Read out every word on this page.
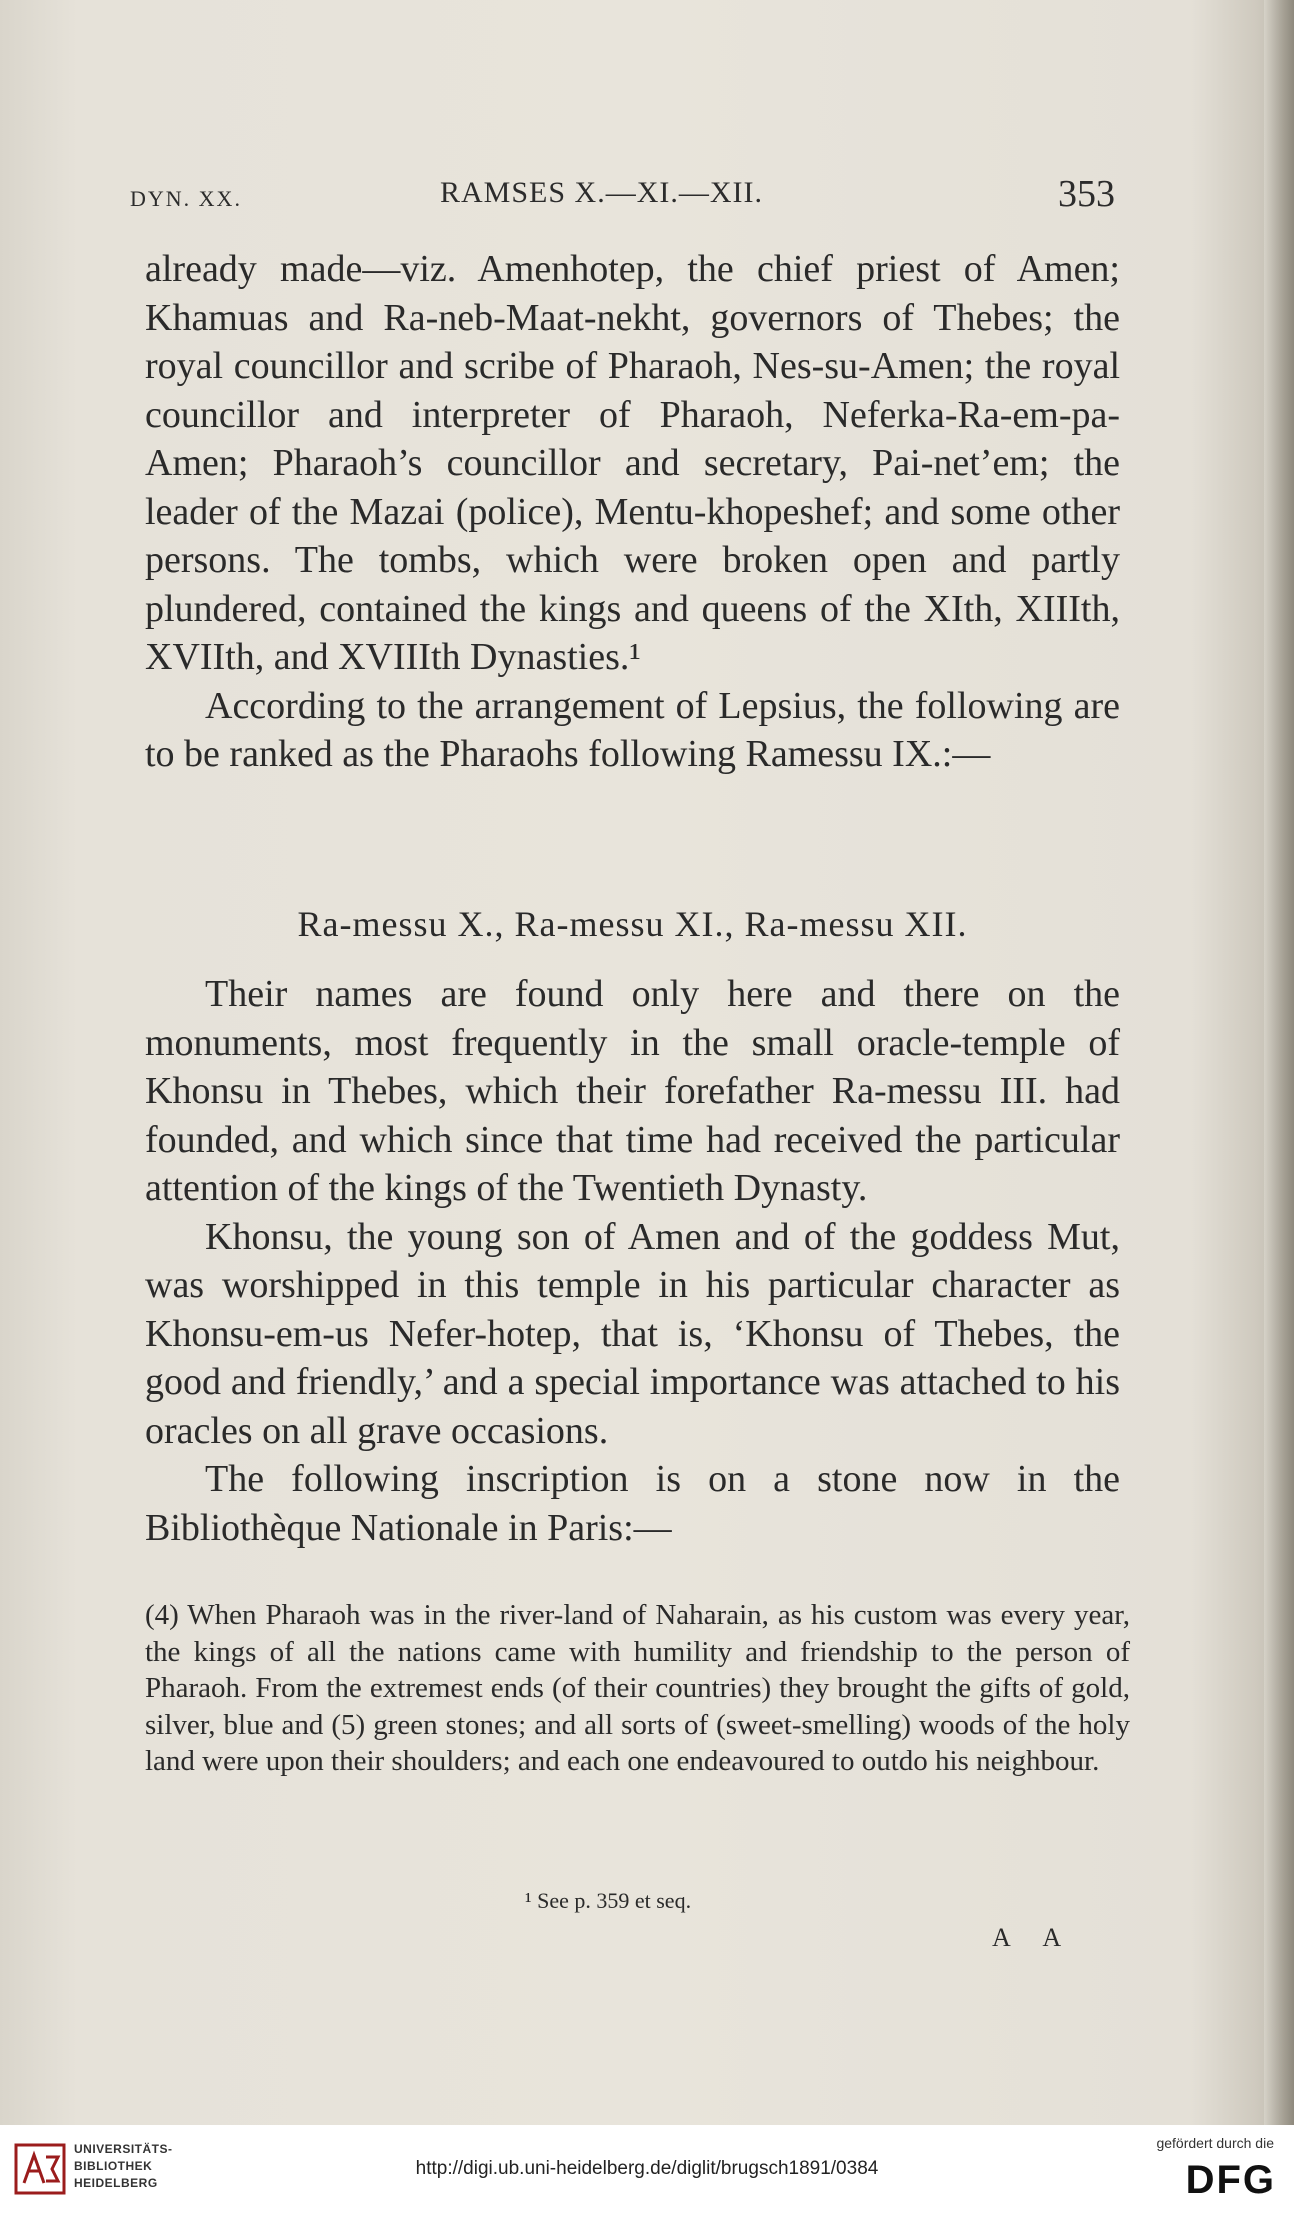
DYN. XX.	RAMSES X.—XI.—XII.	353

already made—viz. Amenhotep, the chief priest of Amen; Khamuas and Ra-neb-Maat-nekht, governors of Thebes; the royal councillor and scribe of Pharaoh, Nes-su-Amen; the royal councillor and interpreter of Pharaoh, Neferka-Ra-em-pa-Amen; Pharaoh’s councillor and secretary, Pai-net’em; the leader of the Mazai (police), Mentu-khopeshef; and some other persons. The tombs, which were broken open and partly plundered, contained the kings and queens of the XIth, XIIIth, XVIIth, and XVIIIth Dynasties.¹

According to the arrangement of Lepsius, the following are to be ranked as the Pharaohs following Ramessu IX.:—

Ra-messu X., Ra-messu XI., Ra-messu XII.

Their names are found only here and there on the monuments, most frequently in the small oracle-temple of Khonsu in Thebes, which their forefather Ra-messu III. had founded, and which since that time had received the particular attention of the kings of the Twentieth Dynasty.

Khonsu, the young son of Amen and of the goddess Mut, was worshipped in this temple in his particular character as Khonsu-em-us Nefer-hotep, that is, ‘Khonsu of Thebes, the good and friendly,’ and a special importance was attached to his oracles on all grave occasions.

The following inscription is on a stone now in the Bibliothèque Nationale in Paris:—

(4) When Pharaoh was in the river-land of Naharain, as his custom was every year, the kings of all the nations came with humility and friendship to the person of Pharaoh. From the extremest ends (of their countries) they brought the gifts of gold, silver, blue and (5) green stones; and all sorts of (sweet-smelling) woods of the holy land were upon their shoulders; and each one endeavoured to outdo his neighbour.
¹ See p. 359 et seq.
A A
UNIVERSITÄTS-
BIBLIOTHEK
HEIDELBERG
http://digi.ub.uni-heidelberg.de/diglit/brugsch1891/0384
gefördert durch die
DFG
